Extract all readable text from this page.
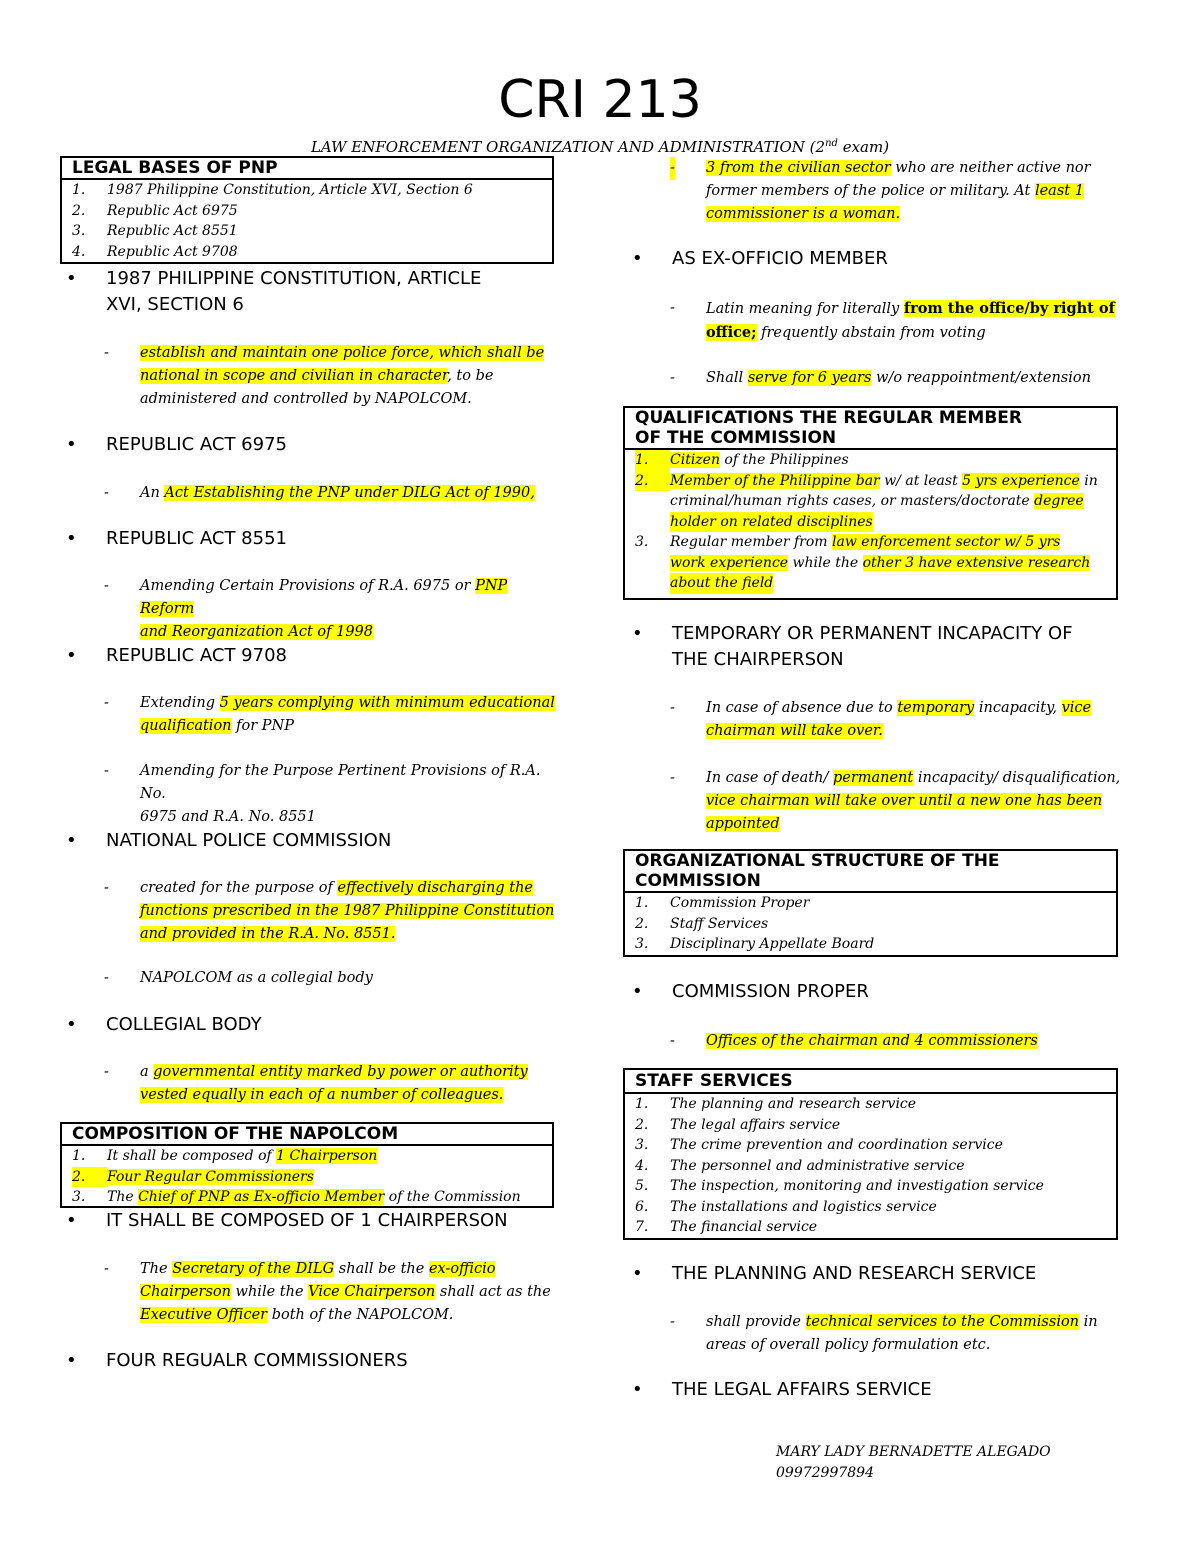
CRI 213
LAW ENFORCEMENT ORGANIZATION AND ADMINISTRATION (2nd exam)
LEGAL BASES OF PNP
1.	1987 Philippine Constitution, Article XVI, Section 6
2.	Republic Act 6975
3.	Republic Act 8551
4.	Republic Act 9708
• 1987 PHILIPPINE CONSTITUTION, ARTICLE
XVI, SECTION 6
- establish and maintain one police force, which shall be
national in scope and civilian in character, to be
administered and controlled by NAPOLCOM.
• REPUBLIC ACT 6975
- An Act Establishing the PNP under DILG Act of 1990,
• REPUBLIC ACT 8551
- Amending Certain Provisions of R.A. 6975 or PNP Reform
and Reorganization Act of 1998
• REPUBLIC ACT 9708
- Extending 5 years complying with minimum educational
qualification for PNP
- Amending for the Purpose Pertinent Provisions of R.A. No.
6975 and R.A. No. 8551
• NATIONAL POLICE COMMISSION
- created for the purpose of effectively discharging the
functions prescribed in the 1987 Philippine Constitution
and provided in the R.A. No. 8551.
- NAPOLCOM as a collegial body
• COLLEGIAL BODY
- a governmental entity marked by power or authority
vested equally in each of a number of colleagues.
COMPOSITION OF THE NAPOLCOM
1.	It shall be composed of 1 Chairperson
2.	Four Regular Commissioners
3.	The Chief of PNP as Ex-officio Member of the Commission
• IT SHALL BE COMPOSED OF 1 CHAIRPERSON
- The Secretary of the DILG shall be the ex-officio
Chairperson while the Vice Chairperson shall act as the
Executive Officer both of the NAPOLCOM.
• FOUR REGUALR COMMISSIONERS
- 3 from the civilian sector who are neither active nor
former members of the police or military. At least 1
commissioner is a woman.
• AS EX-OFFICIO MEMBER
- Latin meaning for literally from the office/by right of
office; frequently abstain from voting
- Shall serve for 6 years w/o reappointment/extension
QUALIFICATIONS THE REGULAR MEMBER
OF THE COMMISSION
1.	Citizen of the Philippines
2.	Member of the Philippine bar w/ at least 5 yrs experience in
criminal/human rights cases, or masters/doctorate degree
holder on related disciplines
3.	Regular member from law enforcement sector w/ 5 yrs
work experience while the other 3 have extensive research
about the field
• TEMPORARY OR PERMANENT INCAPACITY OF
THE CHAIRPERSON
- In case of absence due to temporary incapacity, vice
chairman will take over.
- In case of death/ permanent incapacity/ disqualification,
vice chairman will take over until a new one has been
appointed
ORGANIZATIONAL STRUCTURE OF THE
COMMISSION
1.	Commission Proper
2.	Staff Services
3.	Disciplinary Appellate Board
• COMMISSION PROPER
- Offices of the chairman and 4 commissioners
STAFF SERVICES
1.	The planning and research service
2.	The legal affairs service
3.	The crime prevention and coordination service
4.	The personnel and administrative service
5.	The inspection, monitoring and investigation service
6.	The installations and logistics service
7.	The financial service
• THE PLANNING AND RESEARCH SERVICE
- shall provide technical services to the Commission in
areas of overall policy formulation etc.
• THE LEGAL AFFAIRS SERVICE
MARY LADY BERNADETTE ALEGADO
09972997894
